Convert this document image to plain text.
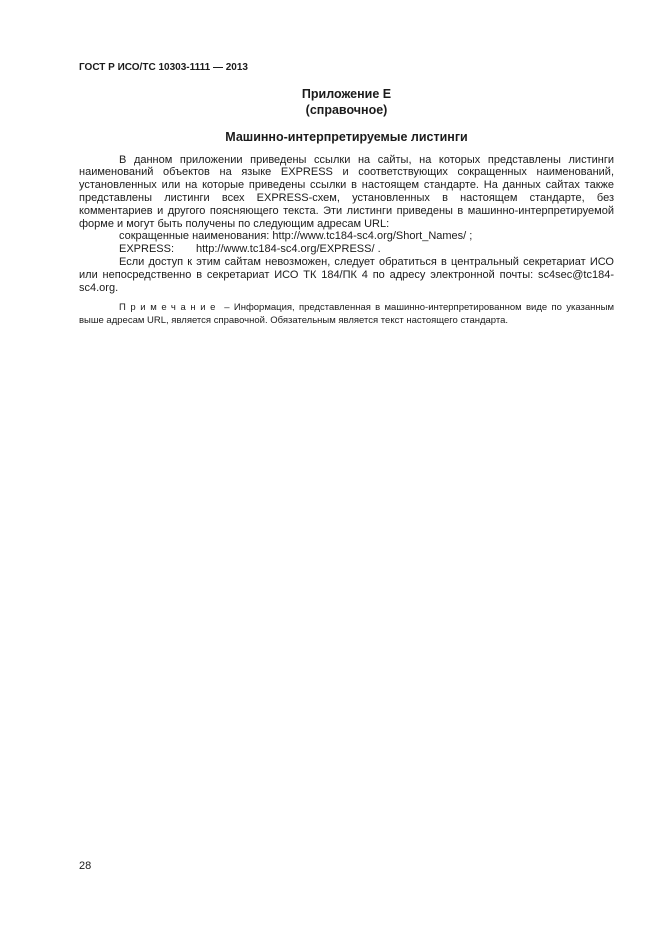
ГОСТ Р ИСО/ТС 10303-1111 — 2013
Приложение Е
(справочное)
Машинно-интерпретируемые листинги
В данном приложении приведены ссылки на сайты, на которых представлены листинги
наименований объектов на языке EXPRESS и соответствующих сокращенных наименований,
установленных или на которые приведены ссылки в настоящем стандарте. На данных сайтах также
представлены листинги всех EXPRESS-схем, установленных в настоящем стандарте, без
комментариев и другого поясняющего текста. Эти листинги приведены в машинно-интерпретируемой
форме и могут быть получены по следующим адресам URL:
сокращенные наименования: http://www.tc184-sc4.org/Short_Names/ ;
EXPRESS: http://www.tc184-sc4.org/EXPRESS/ .
Если доступ к этим сайтам невозможен, следует обратиться в центральный секретариат ИСО
или непосредственно в секретариат ИСО ТК 184/ПК 4 по адресу электронной почты: sc4sec@tc184-
sc4.org.
Примечание – Информация, представленная в машинно-интерпретированном виде по указанным
выше адресам URL, является справочной. Обязательным является текст настоящего стандарта.
28
